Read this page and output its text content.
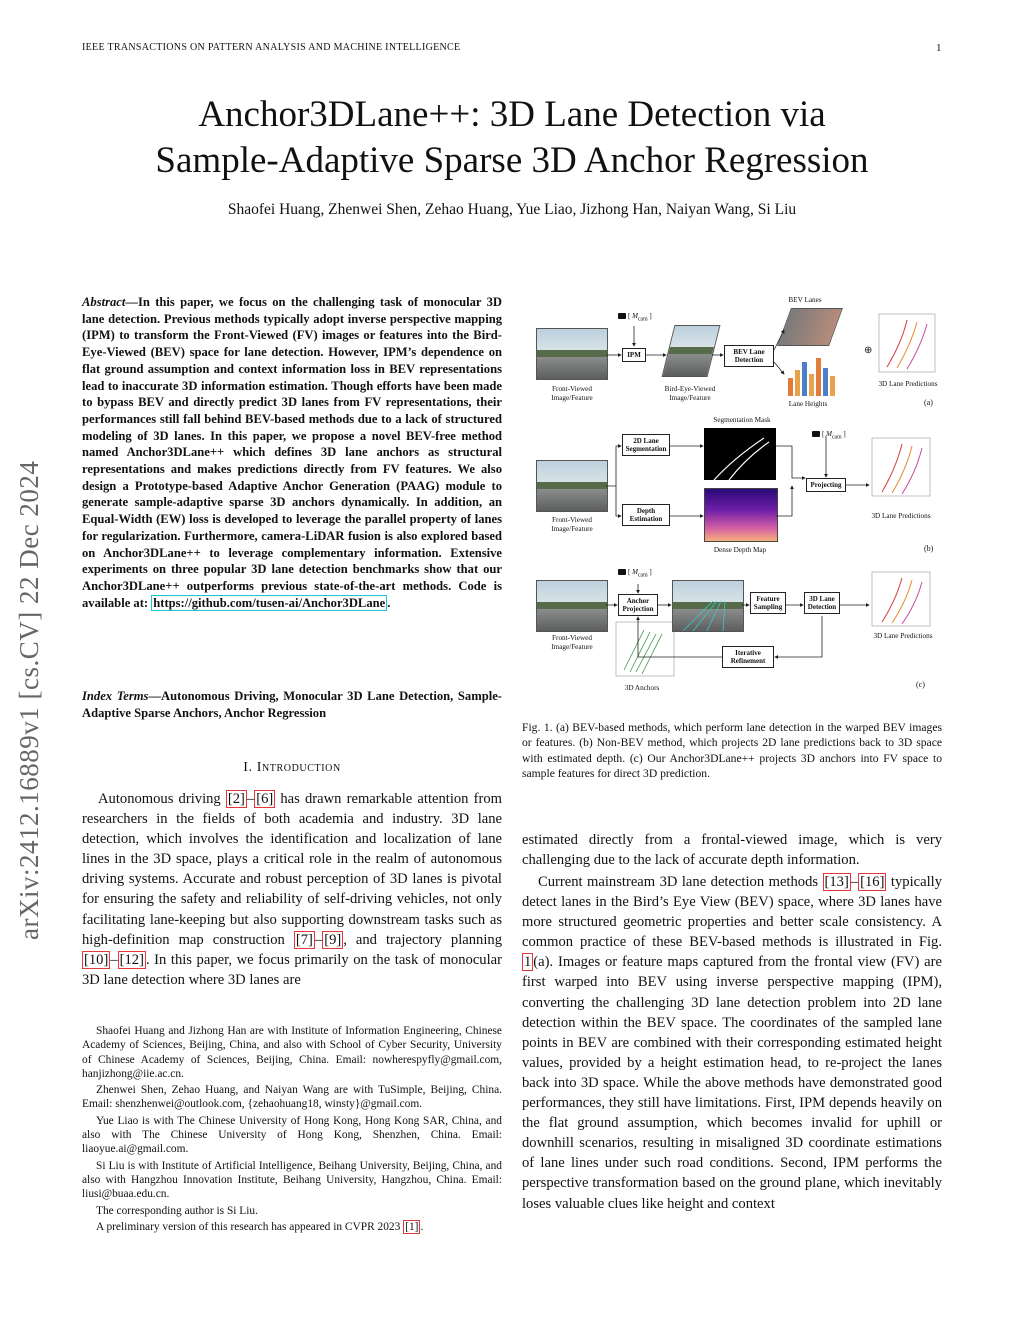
IEEE TRANSACTIONS ON PATTERN ANALYSIS AND MACHINE INTELLIGENCE	1
Anchor3DLane++: 3D Lane Detection via
Sample-Adaptive Sparse 3D Anchor Regression
Shaofei Huang, Zhenwei Shen, Zehao Huang, Yue Liao, Jizhong Han, Naiyan Wang, Si Liu
arXiv:2412.16889v1 [cs.CV] 22 Dec 2024
Abstract—In this paper, we focus on the challenging task of monocular 3D lane detection. Previous methods typically adopt inverse perspective mapping (IPM) to transform the Front-Viewed (FV) images or features into the Bird-Eye-Viewed (BEV) space for lane detection. However, IPM’s dependence on flat ground assumption and context information loss in BEV representations lead to inaccurate 3D information estimation. Though efforts have been made to bypass BEV and directly predict 3D lanes from FV representations, their performances still fall behind BEV-based methods due to a lack of structured modeling of 3D lanes. In this paper, we propose a novel BEV-free method named Anchor3DLane++ which defines 3D lane anchors as structural representations and makes predictions directly from FV features. We also design a Prototype-based Adaptive Anchor Generation (PAAG) module to generate sample-adaptive sparse 3D anchors dynamically. In addition, an Equal-Width (EW) loss is developed to leverage the parallel property of lanes for regularization. Furthermore, camera-LiDAR fusion is also explored based on Anchor3DLane++ to leverage complementary information. Extensive experiments on three popular 3D lane detection benchmarks show that our Anchor3DLane++ outperforms previous state-of-the-art methods. Code is available at: https://github.com/tusen-ai/Anchor3DLane .
Index Terms—Autonomous Driving, Monocular 3D Lane Detection, Sample-Adaptive Sparse Anchors, Anchor Regression
I. Introduction
Autonomous driving [2] – [6] has drawn remarkable attention from researchers in the fields of both academia and industry. 3D lane detection, which involves the identification and localization of lane lines in the 3D space, plays a critical role in the realm of autonomous driving systems. Accurate and robust perception of 3D lanes is pivotal for ensuring the safety and reliability of self-driving vehicles, not only facilitating lane-keeping but also supporting downstream tasks such as high-definition map construction [7] – [9] , and trajectory planning [10] – [12] . In this paper, we focus primarily on the task of monocular 3D lane detection where 3D lanes are

Shaofei Huang and Jizhong Han are with Institute of Information Engineering, Chinese Academy of Sciences, Beijing, China, and also with School of Cyber Security, University of Chinese Academy of Sciences, Beijing, China. Email: nowherespyfly@gmail.com, hanjizhong@iie.ac.cn.

Zhenwei Shen, Zehao Huang, and Naiyan Wang are with TuSimple, Beijing, China. Email: shenzhenwei@outlook.com, {zehaohuang18, winsty}@gmail.com.

Yue Liao is with The Chinese University of Hong Kong, Hong Kong SAR, China, and also with The Chinese University of Hong Kong, Shenzhen, China. Email: liaoyue.ai@gmail.com.

Si Liu is with Institute of Artificial Intelligence, Beihang University, Beijing, China, and also with Hangzhou Innovation Institute, Beihang University, Hangzhou, China. Email: liusi@buaa.edu.cn.

The corresponding author is Si Liu.

A preliminary version of this research has appeared in CVPR 2023 [1] .

Front-Viewed Image/Feature
[ $M_{cam}$ ]
IPM
Bird-Eye-Viewed Image/Feature
BEV Lane Detection
BEV Lanes
Lane Heights
⊕
3D Lane Predictions
(a)
Segmentation Mask
2D Lane Segmentation
Front-Viewed Image/Feature
Depth Estimation
Dense Depth Map
[ $M_{cam}$ ]
Projecting
3D Lane Predictions
(b)
Front-Viewed Image/Feature
[ $M_{cam}$ ]
Anchor Projection
3D Anchors
Feature Sampling
3D Lane Detection
Iterative Refinement
3D Lane Predictions
(c)
Fig. 1. (a) BEV-based methods, which perform lane detection in the warped BEV images or features. (b) Non-BEV method, which projects 2D lane predictions back to 3D space with estimated depth. (c) Our Anchor3DLane++ projects 3D anchors into FV space to sample features for direct 3D prediction.
estimated directly from a frontal-viewed image, which is very challenging due to the lack of accurate depth information.
Current mainstream 3D lane detection methods [13] – [16] typically detect lanes in the Bird’s Eye View (BEV) space, where 3D lanes have more structured geometric properties and better scale consistency. A common practice of these BEV-based methods is illustrated in Fig. 1 (a). Images or feature maps captured from the frontal view (FV) are first warped into BEV using inverse perspective mapping (IPM), converting the challenging 3D lane detection problem into 2D lane detection within the BEV space. The coordinates of the sampled lane points in BEV are combined with their corresponding estimated height values, provided by a height estimation head, to re-project the lanes back into 3D space. While the above methods have demonstrated good performances, they still have limitations. First, IPM depends heavily on the flat ground assumption, which becomes invalid for uphill or downhill scenarios, resulting in misaligned 3D coordinate estimations of lane lines under such road conditions. Second, IPM performs the perspective transformation based on the ground plane, which inevitably loses valuable clues like height and context
